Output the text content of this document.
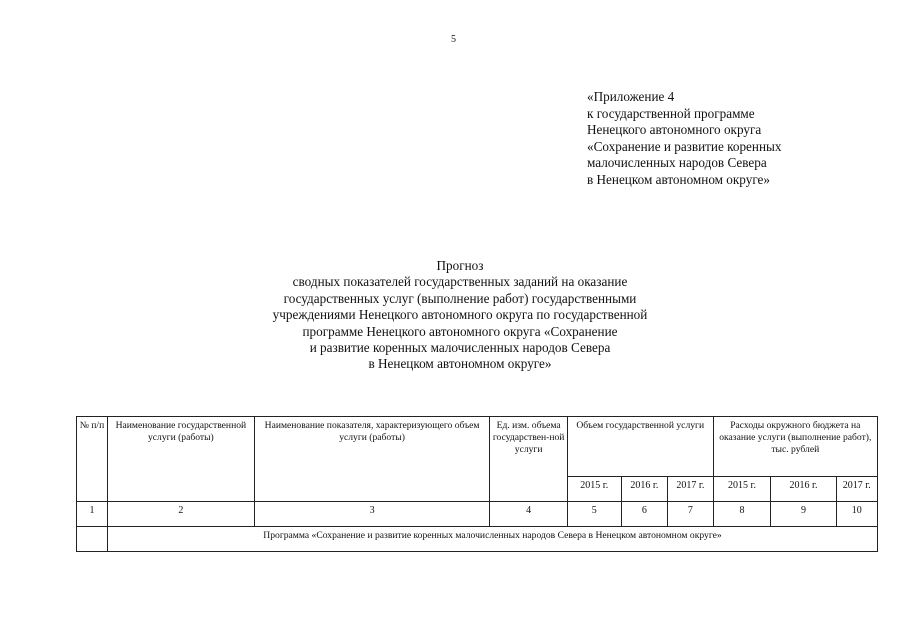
5
«Приложение 4
к государственной программе
Ненецкого автономного округа
«Сохранение и развитие коренных
малочисленных народов Севера
в Ненецком автономном округе»
Прогноз
сводных показателей государственных заданий на оказание
государственных услуг (выполнение работ) государственными
учреждениями Ненецкого автономного округа по государственной
программе Ненецкого автономного округа «Сохранение
и развитие коренных малочисленных народов Севера
в Ненецком автономном округе»
№ п/п	Наименование государственной услуги (работы)	Наименование показателя, характеризующего объем услуги (работы)	Ед. изм. объема государствен-ной услуги	Объем государственной услуги			Расходы окружного бюджета на оказание услуги (выполнение работ), тыс. рублей		
				2015 г.	2016 г.	2017 г.	2015 г.	2016 г.	2017 г.
1	2	3	4	5	6	7	8	9	10
	Программа «Сохранение и развитие коренных малочисленных народов Севера в Ненецком автономном округе»								
